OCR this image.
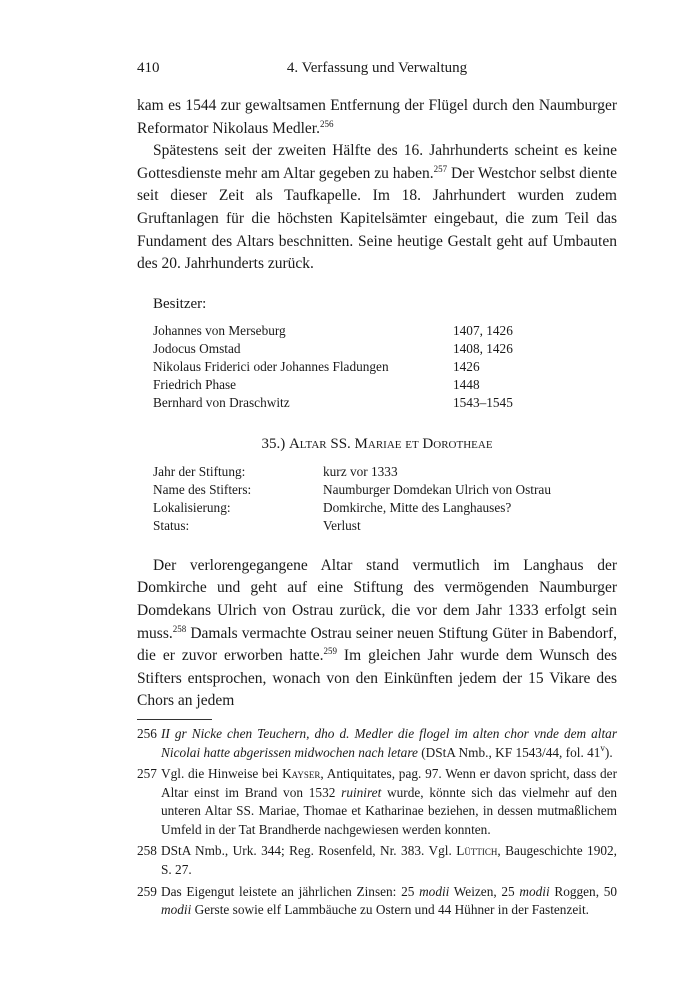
410	4. Verfassung und Verwaltung

kam es 1544 zur gewaltsamen Entfernung der Flügel durch den Naumburger Reformator Nikolaus Medler.$^{256}$

Spätestens seit der zweiten Hälfte des 16. Jahrhunderts scheint es keine Gottesdienste mehr am Altar gegeben zu haben.$^{257}$ Der Westchor selbst diente seit dieser Zeit als Taufkapelle. Im 18. Jahrhundert wurden zudem Gruftanlagen für die höchsten Kapitelsämter eingebaut, die zum Teil das Fundament des Altars beschnitten. Seine heutige Gestalt geht auf Umbauten des 20. Jahrhunderts zurück.

Besitzer:
Johannes von Merseburg	1407, 1426
Jodocus Omstad	1408, 1426
Nikolaus Friderici oder Johannes Fladungen	1426
Friedrich Phase	1448
Bernhard von Draschwitz	1543–1545
35.) Altar SS. Mariae et Dorotheae
Jahr der Stiftung:	kurz vor 1333
Name des Stifters:	Naumburger Domdekan Ulrich von Ostrau
Lokalisierung:	Domkirche, Mitte des Langhauses?
Status:	Verlust

Der verlorengegangene Altar stand vermutlich im Langhaus der Domkirche und geht auf eine Stiftung des vermögenden Naumburger Domdekans Ulrich von Ostrau zurück, die vor dem Jahr 1333 erfolgt sein muss.$^{258}$ Damals vermachte Ostrau seiner neuen Stiftung Güter in Babendorf, die er zuvor erworben hatte.$^{259}$ Im gleichen Jahr wurde dem Wunsch des Stifters entsprochen, wonach von den Einkünften jedem der 15 Vikare des Chors an jedem

256 II gr Nicke chen Teuchern, dho d. Medler die flogel im alten chor vnde dem altar Nicolai hatte abgerissen midwochen nach letare (DStA Nmb., KF 1543/44, fol. 41$^v$).
257 Vgl. die Hinweise bei Kayser, Antiquitates, pag. 97. Wenn er davon spricht, dass der Altar einst im Brand von 1532 ruiniret wurde, könnte sich das vielmehr auf den unteren Altar SS. Mariae, Thomae et Katharinae beziehen, in dessen mutmaßlichem Umfeld in der Tat Brandherde nachgewiesen werden konnten.
258 DStA Nmb., Urk. 344; Reg. Rosenfeld, Nr. 383. Vgl. Lüttich, Baugeschichte 1902, S. 27.
259 Das Eigengut leistete an jährlichen Zinsen: 25 modii Weizen, 25 modii Roggen, 50 modii Gerste sowie elf Lammbäuche zu Ostern und 44 Hühner in der Fastenzeit.
